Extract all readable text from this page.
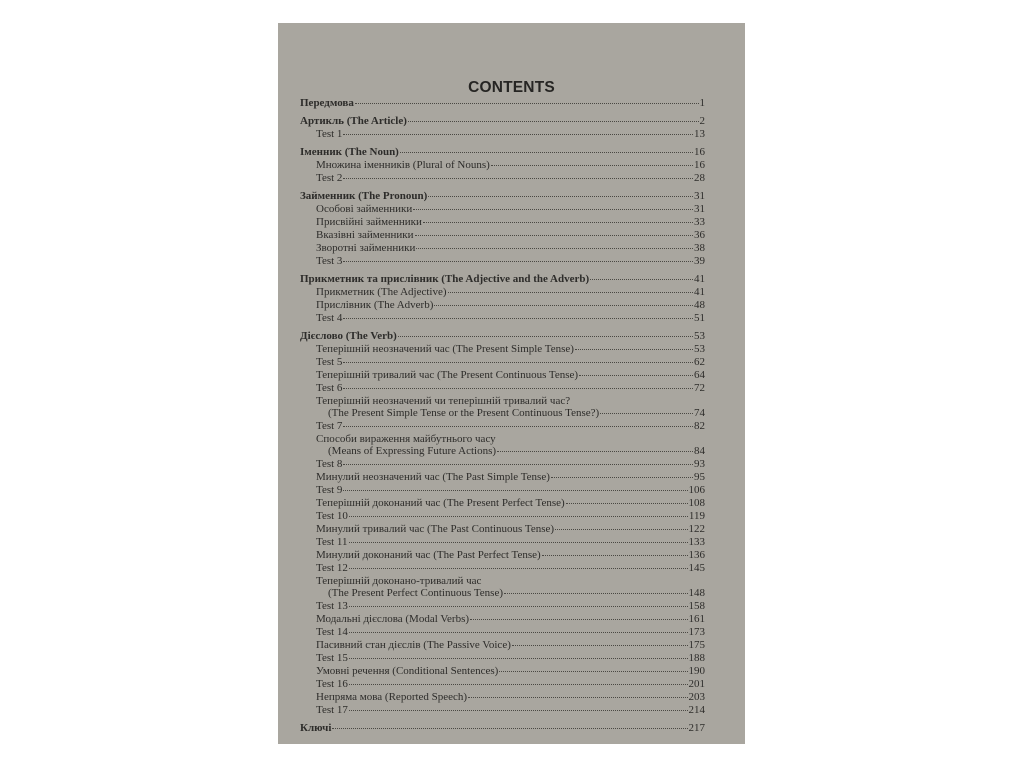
CONTENTS
Передмова	1
Артикль (The Article)	2
Test 1	13
Іменник (The Noun)	16
Множина іменників (Plural of Nouns)	16
Test 2	28
Займенник (The Pronoun)	31
Особові займенники	31
Присвійні займенники	33
Вказівні займенники	36
Зворотні займенники	38
Test 3	39
Прикметник та прислівник (The Adjective and the Adverb)	41
Прикметник (The Adjective)	41
Прислівник (The Adverb)	48
Test 4	51
Дієслово (The Verb)	53
Теперішній неозначений час (The Present Simple Tense)	53
Test 5	62
Теперішній тривалий час (The Present Continuous Tense)	64
Test 6	72
Теперішній неозначений чи теперішній тривалий час?
(The Present Simple Tense or the Present Continuous Tense?)	74
Test 7	82
Способи вираження майбутнього часу
(Means of Expressing Future Actions)	84
Test 8	93
Минулий неозначений час (The Past Simple Tense)	95
Test 9	106
Теперішній доконаний час (The Present Perfect Tense)	108
Test 10	119
Минулий тривалий час (The Past Continuous Tense)	122
Test 11	133
Минулий доконаний час (The Past Perfect Tense)	136
Test 12	145
Теперішній доконано-тривалий час
(The Present Perfect Continuous Tense)	148
Test 13	158
Модальні дієслова (Modal Verbs)	161
Test 14	173
Пасивний стан дієслів (The Passive Voice)	175
Test 15	188
Умовні речення (Conditional Sentences)	190
Test 16	201
Непряма мова (Reported Speech)	203
Test 17	214
Ключі	217
